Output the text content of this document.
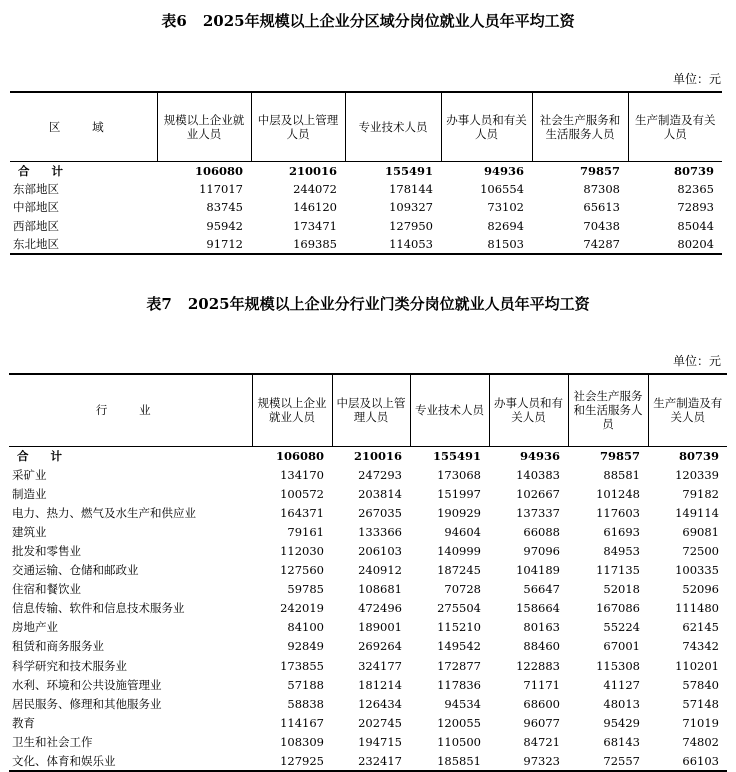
表6 2025年规模以上企业分区域分岗位就业人员年平均工资
单位：元
区 域	规模以上企业就业人员	中层及以上管理人员	专业技术人员	办事人员和有关人员	社会生产服务和生活服务人员	生产制造及有关人员
合 计	106080	210016	155491	94936	79857	80739
东部地区	117017	244072	178144	106554	87308	82365
中部地区	83745	146120	109327	73102	65613	72893
西部地区	95942	173471	127950	82694	70438	85044
东北地区	91712	169385	114053	81503	74287	80204
表7 2025年规模以上企业分行业门类分岗位就业人员年平均工资
单位：元
行 业	规模以上企业就业人员	中层及以上管理人员	专业技术人员	办事人员和有关人员	社会生产服务和生活服务人员	生产制造及有关人员
合 计	106080	210016	155491	94936	79857	80739
采矿业	134170	247293	173068	140383	88581	120339
制造业	100572	203814	151997	102667	101248	79182
电力、热力、燃气及水生产和供应业	164371	267035	190929	137337	117603	149114
建筑业	79161	133366	94604	66088	61693	69081
批发和零售业	112030	206103	140999	97096	84953	72500
交通运输、仓储和邮政业	127560	240912	187245	104189	117135	100335
住宿和餐饮业	59785	108681	70728	56647	52018	52096
信息传输、软件和信息技术服务业	242019	472496	275504	158664	167086	111480
房地产业	84100	189001	115210	80163	55224	62145
租赁和商务服务业	92849	269264	149542	88460	67001	74342
科学研究和技术服务业	173855	324177	172877	122883	115308	110201
水利、环境和公共设施管理业	57188	181214	117836	71171	41127	57840
居民服务、修理和其他服务业	58838	126434	94534	68600	48013	57148
教育	114167	202745	120055	96077	95429	71019
卫生和社会工作	108309	194715	110500	84721	68143	74802
文化、体育和娱乐业	127925	232417	185851	97323	72557	66103
